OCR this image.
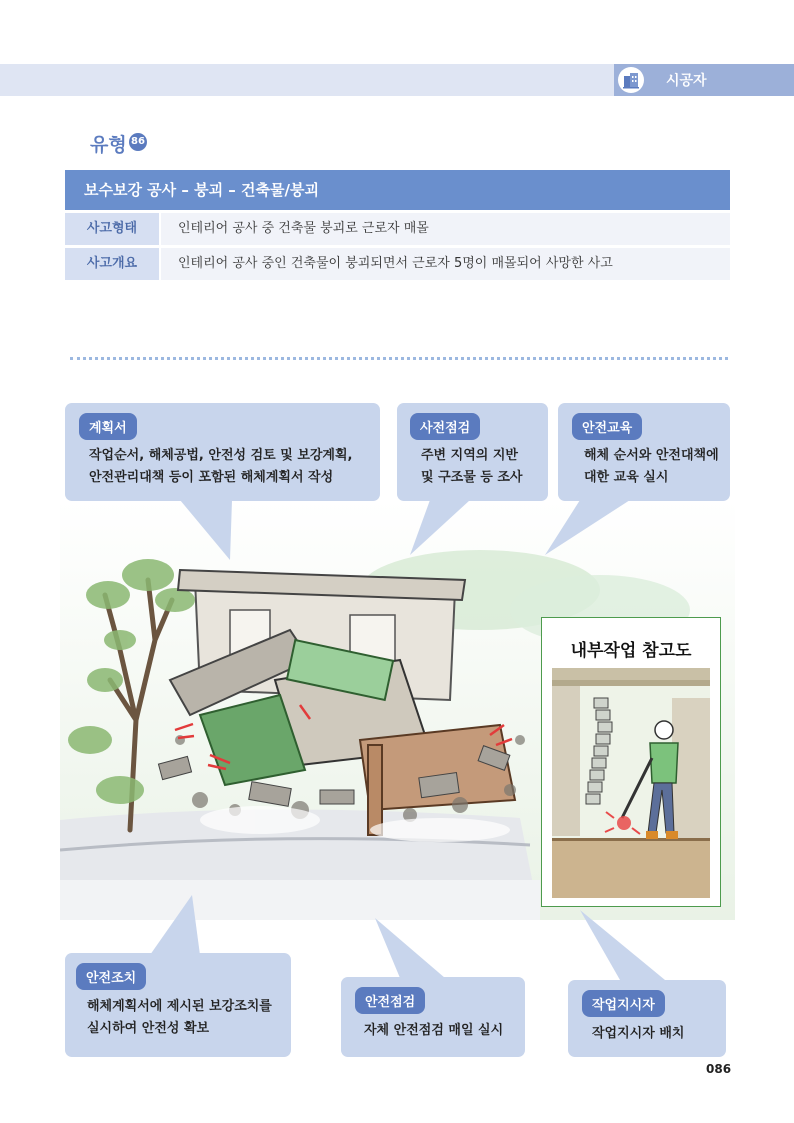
시공자
유형 86
보수보강 공사 – 붕괴 – 건축물/붕괴
사고형태	인테리어 공사 중 건축물 붕괴로 근로자 매몰
사고개요	인테리어 공사 중인 건축물이 붕괴되면서 근로자 5명이 매몰되어 사망한 사고
내부작업 참고도
계획서
작업순서, 해체공법, 안전성 검토 및 보강계획,
안전관리대책 등이 포함된 해체계획서 작성
사전점검
주변 지역의 지반
및 구조물 등 조사
안전교육
해체 순서와 안전대책에
대한 교육 실시
안전조치
해체계획서에 제시된 보강조치를
실시하여 안전성 확보
안전점검
자체 안전점검 매일 실시
작업지시자
작업지시자 배치
086
